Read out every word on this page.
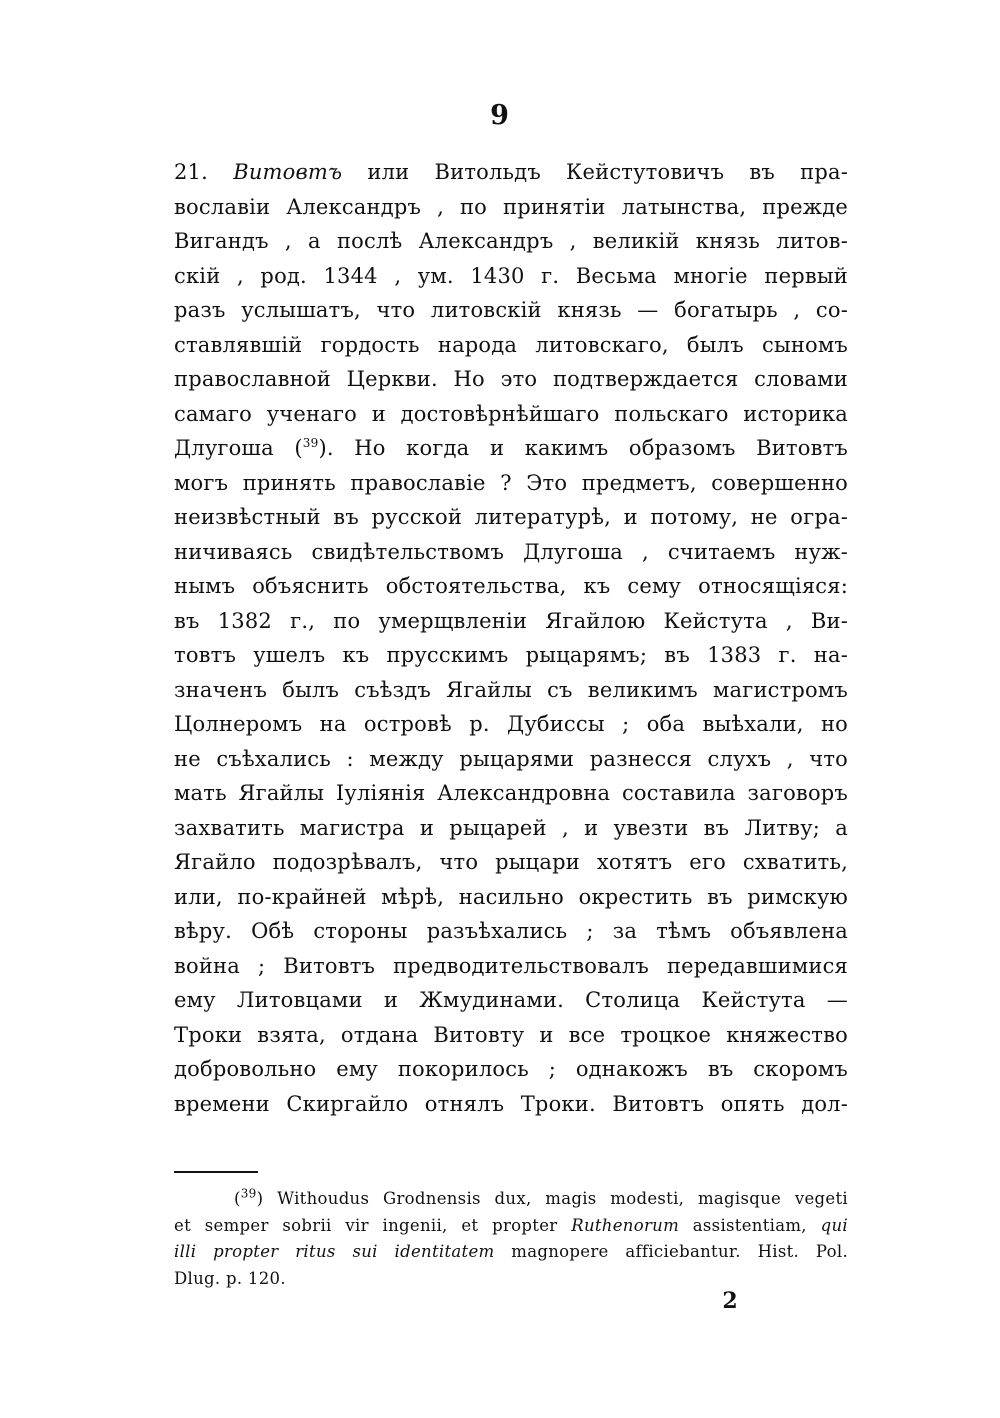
9
21. Витовтъ или Витольдъ Кейстутовичъ въ пра-
вославіи Александръ , по принятіи латынства, прежде
Вигандъ , а послѣ Александръ , великій князь литов-
скій , род. 1344 , ум. 1430 г. Весьма многіе первый
разъ услышатъ, что литовскій князь — богатырь , со-
ставлявшій гордость народа литовскаго, былъ сыномъ
православной Церкви. Но это подтверждается словами
самаго ученаго и достовѣрнѣйшаго польскаго историка
Длугоша ($^{39}$). Но когда и какимъ образомъ Витовтъ
могъ принять православіе ? Это предметъ, совершенно
неизвѣстный въ русской литературѣ, и потому, не огра-
ничиваясь свидѣтельствомъ Длугоша , считаемъ нуж-
нымъ объяснить обстоятельства, къ сему относящіяся:
въ 1382 г., по умерщвленіи Ягайлою Кейстута , Ви-
товтъ ушелъ къ прусскимъ рыцарямъ; въ 1383 г. на-
значенъ былъ съѣздъ Ягайлы съ великимъ магистромъ
Цолнеромъ на островѣ р. Дубиссы ; оба выѣхали, но
не съѣхались : между рыцарями разнесся слухъ , что
мать Ягайлы Іуліянія Александровна составила заговоръ
захватить магистра и рыцарей , и увезти въ Литву; а
Ягайло подозрѣвалъ, что рыцари хотятъ его схватить,
или, по-крайней мѣрѣ, насильно окрестить въ римскую
вѣру. Обѣ стороны разъѣхались ; за тѣмъ объявлена
война ; Витовтъ предводительствовалъ передавшимися
ему Литовцами и Жмудинами. Столица Кейстута —
Троки взята, отдана Витовту и все троцкое княжество
добровольно ему покорилось ; однакожъ въ скоромъ
времени Скиргайло отнялъ Троки. Витовтъ опять дол-
($^{39}$) Withoudus Grodnensis dux, magis modesti, magisque vegeti
et semper sobrii vir ingenii, et propter Ruthenorum assistentiam, qui
illi propter ritus sui identitatem magnopere afficiebantur. Hist. Pol.
Dlug. p. 120.
2
